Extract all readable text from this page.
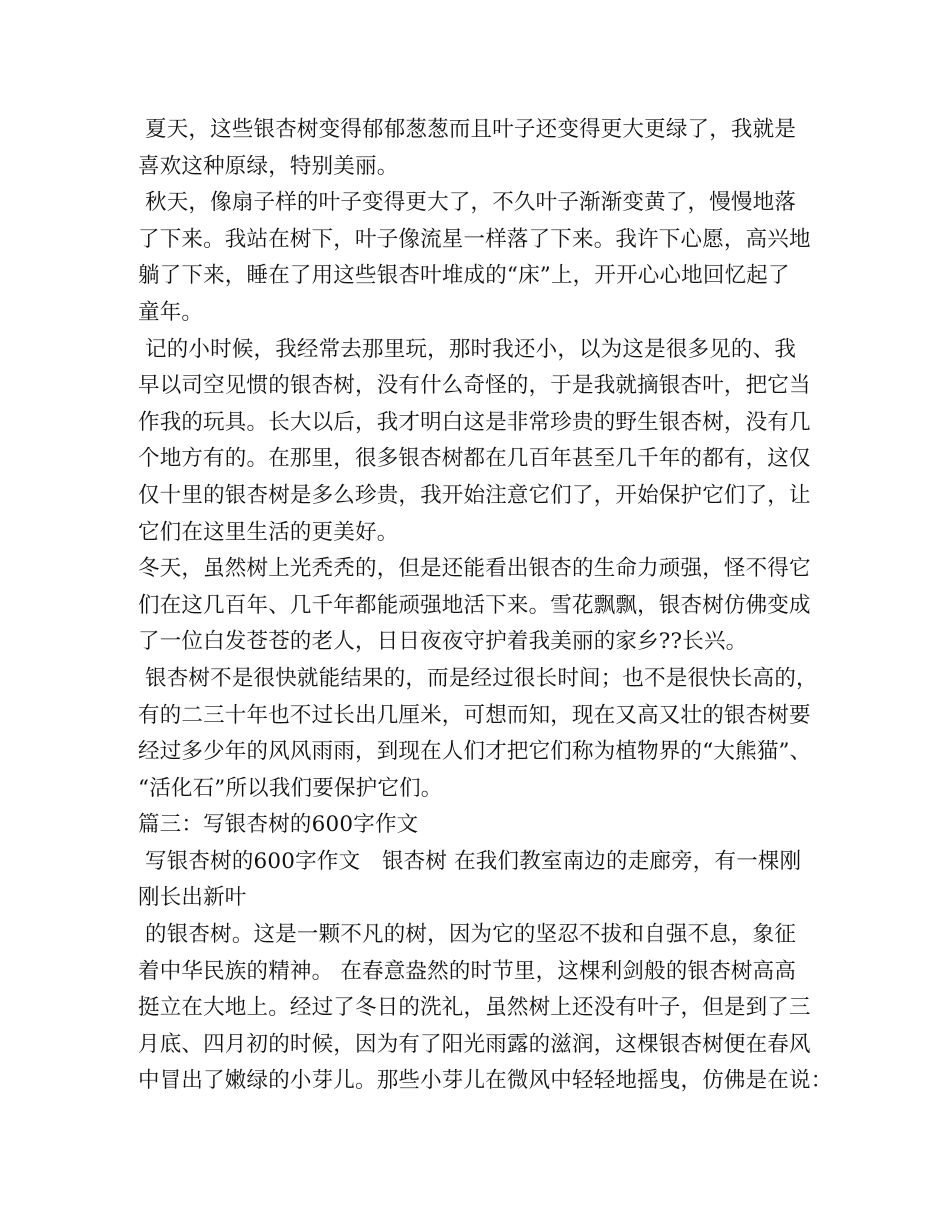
夏天，这些银杏树变得郁郁葱葱而且叶子还变得更大更绿了，我就是
喜欢这种原绿，特别美丽。
秋天，像扇子样的叶子变得更大了，不久叶子渐渐变黄了，慢慢地落
了下来。我站在树下，叶子像流星一样落了下来。我许下心愿，高兴地
躺了下来，睡在了用这些银杏叶堆成的“床”上，开开心心地回忆起了
童年。
记的小时候，我经常去那里玩，那时我还小，以为这是很多见的、我
早以司空见惯的银杏树，没有什么奇怪的，于是我就摘银杏叶，把它当
作我的玩具。长大以后，我才明白这是非常珍贵的野生银杏树，没有几
个地方有的。在那里，很多银杏树都在几百年甚至几千年的都有，这仅
仅十里的银杏树是多么珍贵，我开始注意它们了，开始保护它们了，让
它们在这里生活的更美好。
冬天，虽然树上光秃秃的，但是还能看出银杏的生命力顽强，怪不得它
们在这几百年、几千年都能顽强地活下来。雪花飘飘，银杏树仿佛变成
了一位白发苍苍的老人，日日夜夜守护着我美丽的家乡??长兴。
银杏树不是很快就能结果的，而是经过很长时间；也不是很快长高的，
有的二三十年也不过长出几厘米，可想而知，现在又高又壮的银杏树要
经过多少年的风风雨雨，到现在人们才把它们称为植物界的“大熊猫”、
“活化石”所以我们要保护它们。
篇三：写银杏树的600字作文
写银杏树的600字作文　银杏树 在我们教室南边的走廊旁，有一棵刚
刚长出新叶
的银杏树。这是一颗不凡的树，因为它的坚忍不拔和自强不息，象征
着中华民族的精神。 在春意盎然的时节里，这棵利剑般的银杏树高高
挺立在大地上。经过了冬日的洗礼，虽然树上还没有叶子，但是到了三
月底、四月初的时候，因为有了阳光雨露的滋润，这棵银杏树便在春风
中冒出了嫩绿的小芽儿。那些小芽儿在微风中轻轻地摇曳，仿佛是在说：
